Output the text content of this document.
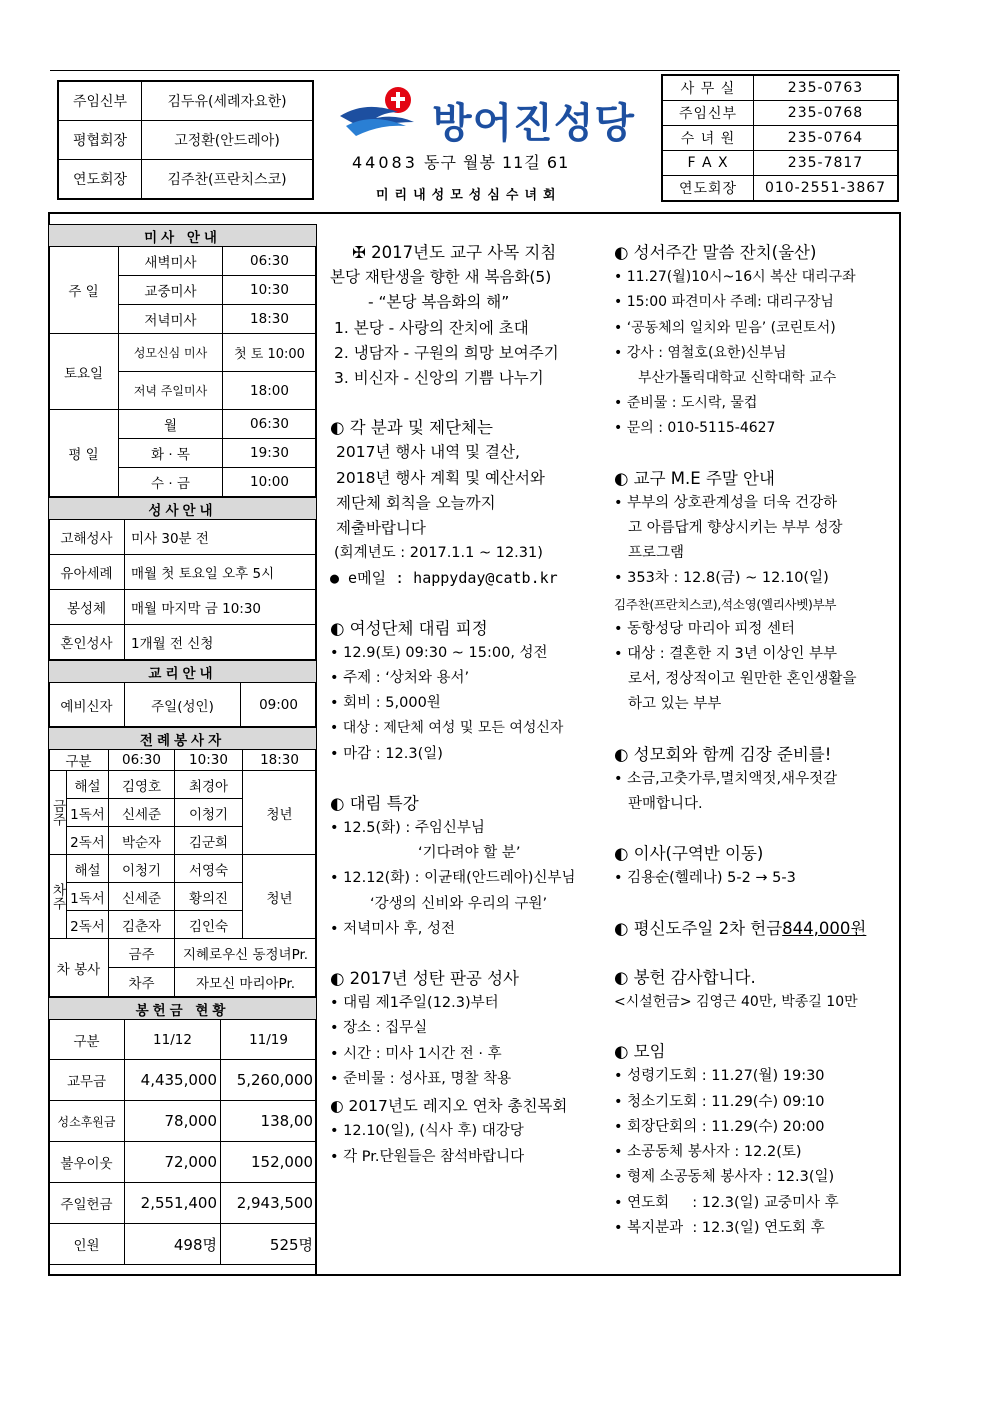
주임신부	김두유(세례자요한)
평협회장	고정환(안드레아)
연도회장	김주찬(프란치스코)
방어진성당
44083 동구 월봉 11길 61
미리내성모성심수녀회
사 무 실	235-0763
주임신부	235-0768
수 녀 원	235-0764
F A X	235-7817
연도회장	010-2551-3867
미사 안내		
주 일	새벽미사	06:30
	교중미사	10:30
	저녁미사	18:30
토요일	성모신심 미사	첫 토 10:00
	저녁 주일미사	18:00
평 일	월	06:30
	화 · 목	19:30
	수 · 금	10:00
성사안내	
고해성사	미사 30분 전
유아세례	매월 첫 토요일 오후 5시
봉성체	매월 마지막 금 10:30
혼인성사	1개월 전 신청
교리안내
예비신자	주일(성인)	09:00
전례봉사자				
구분		06:30	10:30	18:30
금주	해설	김영호	최경아	청년
	1독서	신세준	이청기	
	2독서	박순자	김군희	
차주	해설	이청기	서영숙	청년
	1독서	신세준	황의진	
	2독서	김춘자	김인숙	
차 봉사		금주	지혜로우신 동정녀Pr.	
		차주	자모신 마리아Pr.	
봉헌금 현황		
구분	11/12	11/19
교무금	4,435,000	5,260,000
성소후원금	78,000	138,00
불우이웃	72,000	152,000
주일헌금	2,551,400	2,943,500
인원	498명	525명

✠ 2017년도 교구 사목 지침

본당 재탄생을 향한 새 복음화(5)

- “본당 복음화의 해”

1. 본당 - 사랑의 잔치에 초대

2. 냉담자 - 구원의 희망 보여주기

3. 비신자 - 신앙의 기쁨 나누기

◐ 각 분과 및 제단체는

2017년 행사 내역 및 결산,

2018년 행사 계획 및 예산서와

제단체 회칙을 오늘까지

제출바랍니다

(회계년도 : 2017.1.1 ~ 12.31)

● e메일 : happyday@catb.kr

◐ 여성단체 대림 피정

• 12.9(토) 09:30 ~ 15:00, 성전

• 주제 : ‘상처와 용서’

• 회비 : 5,000원

• 대상 : 제단체 여성 및 모든 여성신자

• 마감 : 12.3(일)

◐ 대림 특강

• 12.5(화) : 주임신부님

‘기다려야 할 분’

• 12.12(화) : 이균태(안드레아)신부님

‘강생의 신비와 우리의 구원’

• 저녁미사 후, 성전

◐ 2017년 성탄 판공 성사

• 대림 제1주일(12.3)부터

• 장소 : 집무실

• 시간 : 미사 1시간 전 · 후

• 준비물 : 성사표, 명찰 착용

◐ 2017년도 레지오 연차 총친목회

• 12.10(일), (식사 후) 대강당

• 각 Pr.단원들은 참석바랍니다

◐ 성서주간 말씀 잔치(울산)

• 11.27(월)10시~16시 복산 대리구좌

• 15:00 파견미사 주례: 대리구장님

• ‘공동체의 일치와 믿음’ (코린토서)

• 강사 : 염철호(요한)신부님

부산가톨릭대학교 신학대학 교수

• 준비물 : 도시락, 물컵

• 문의 : 010-5115-4627

◐ 교구 M.E 주말 안내

• 부부의 상호관계성을 더욱 건강하

고 아름답게 향상시키는 부부 성장

프로그램

• 353차 : 12.8(금) ~ 12.10(일)

김주찬(프란치스코),석소영(엘리사벳)부부

• 동항성당 마리아 피정 센터

• 대상 : 결혼한 지 3년 이상인 부부

로서, 정상적이고 원만한 혼인생활을

하고 있는 부부

◐ 성모회와 함께 김장 준비를!

• 소금,고춧가루,멸치액젓,새우젓갈

판매합니다.

◐ 이사(구역반 이동)

• 김용순(헬레나) 5-2 → 5-3

◐ 평신도주일 2차 헌금844,000원

◐ 봉헌 감사합니다.

<시설헌금> 김영근 40만, 박종길 10만

◐ 모임

• 성령기도회 : 11.27(월) 19:30

• 청소기도회 : 11.29(수) 09:10

• 회장단회의 : 11.29(수) 20:00

• 소공동체 봉사자 : 12.2(토)

• 형제 소공동체 봉사자 : 12.3(일)

• 연도회     : 12.3(일) 교중미사 후

• 복지분과  : 12.3(일) 연도회 후
